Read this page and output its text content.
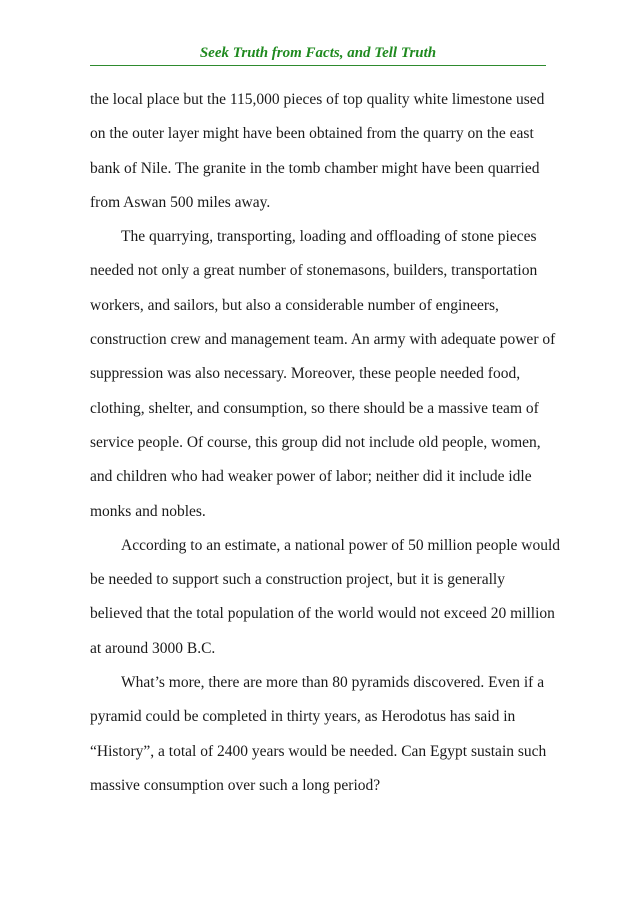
Seek Truth from Facts, and Tell Truth

the local place but the 115,000 pieces of top quality white limestone used
on the outer layer might have been obtained from the quarry on the east
bank of Nile. The granite in the tomb chamber might have been quarried
from Aswan 500 miles away.

The quarrying, transporting, loading and offloading of stone pieces
needed not only a great number of stonemasons, builders, transportation
workers, and sailors, but also a considerable number of engineers,
construction crew and management team. An army with adequate power of
suppression was also necessary. Moreover, these people needed food,
clothing, shelter, and consumption, so there should be a massive team of
service people. Of course, this group did not include old people, women,
and children who had weaker power of labor; neither did it include idle
monks and nobles.

According to an estimate, a national power of 50 million people would
be needed to support such a construction project, but it is generally
believed that the total population of the world would not exceed 20 million
at around 3000 B.C.

What’s more, there are more than 80 pyramids discovered. Even if a
pyramid could be completed in thirty years, as Herodotus has said in
“History”, a total of 2400 years would be needed. Can Egypt sustain such
massive consumption over such a long period?
